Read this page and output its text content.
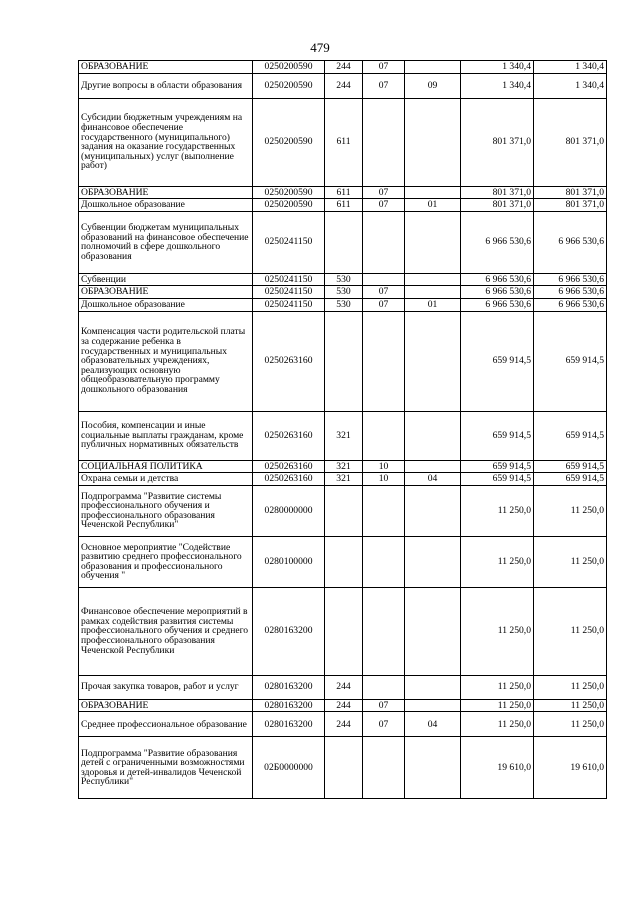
479
ОБРАЗОВАНИЕ	0250200590	244	07		1 340,4	1 340,4
Другие вопросы в области образования	0250200590	244	07	09	1 340,4	1 340,4
Субсидии бюджетным учреждениям на финансовое обеспечение государственного (муниципального) задания на оказание государственных (муниципальных) услуг (выполнение работ)	0250200590	611			801 371,0	801 371,0
ОБРАЗОВАНИЕ	0250200590	611	07		801 371,0	801 371,0
Дошкольное образование	0250200590	611	07	01	801 371,0	801 371,0
Субвенции бюджетам муниципальных образований на финансовое обеспечение полномочий в сфере дошкольного образования	0250241150				6 966 530,6	6 966 530,6
Субвенции	0250241150	530			6 966 530,6	6 966 530,6
ОБРАЗОВАНИЕ	0250241150	530	07		6 966 530,6	6 966 530,6
Дошкольное образование	0250241150	530	07	01	6 966 530,6	6 966 530,6
Компенсация части родительской платы за содержание ребенка в государственных и муниципальных образовательных учреждениях, реализующих основную общеобразовательную программу дошкольного образования	0250263160				659 914,5	659 914,5
Пособия, компенсации и иные социальные выплаты гражданам, кроме публичных нормативных обязательств	0250263160	321			659 914,5	659 914,5
СОЦИАЛЬНАЯ ПОЛИТИКА	0250263160	321	10		659 914,5	659 914,5
Охрана семьи и детства	0250263160	321	10	04	659 914,5	659 914,5
Подпрограмма "Развитие системы профессионального обучения и профессионального образования Чеченской Республики"	0280000000				11 250,0	11 250,0
Основное мероприятие "Содействие развитию среднего профессионального образования и профессионального обучения "	0280100000				11 250,0	11 250,0
Финансовое обеспечение мероприятий в рамках содействия развития системы профессионального обучения и среднего профессионального образования Чеченской Республики	0280163200				11 250,0	11 250,0
Прочая закупка товаров, работ и услуг	0280163200	244			11 250,0	11 250,0
ОБРАЗОВАНИЕ	0280163200	244	07		11 250,0	11 250,0
Среднее профессиональное образование	0280163200	244	07	04	11 250,0	11 250,0
Подпрограмма "Развитие образования детей с ограниченными возможностями здоровья и детей-инвалидов Чеченской Республики"	02Б0000000				19 610,0	19 610,0
